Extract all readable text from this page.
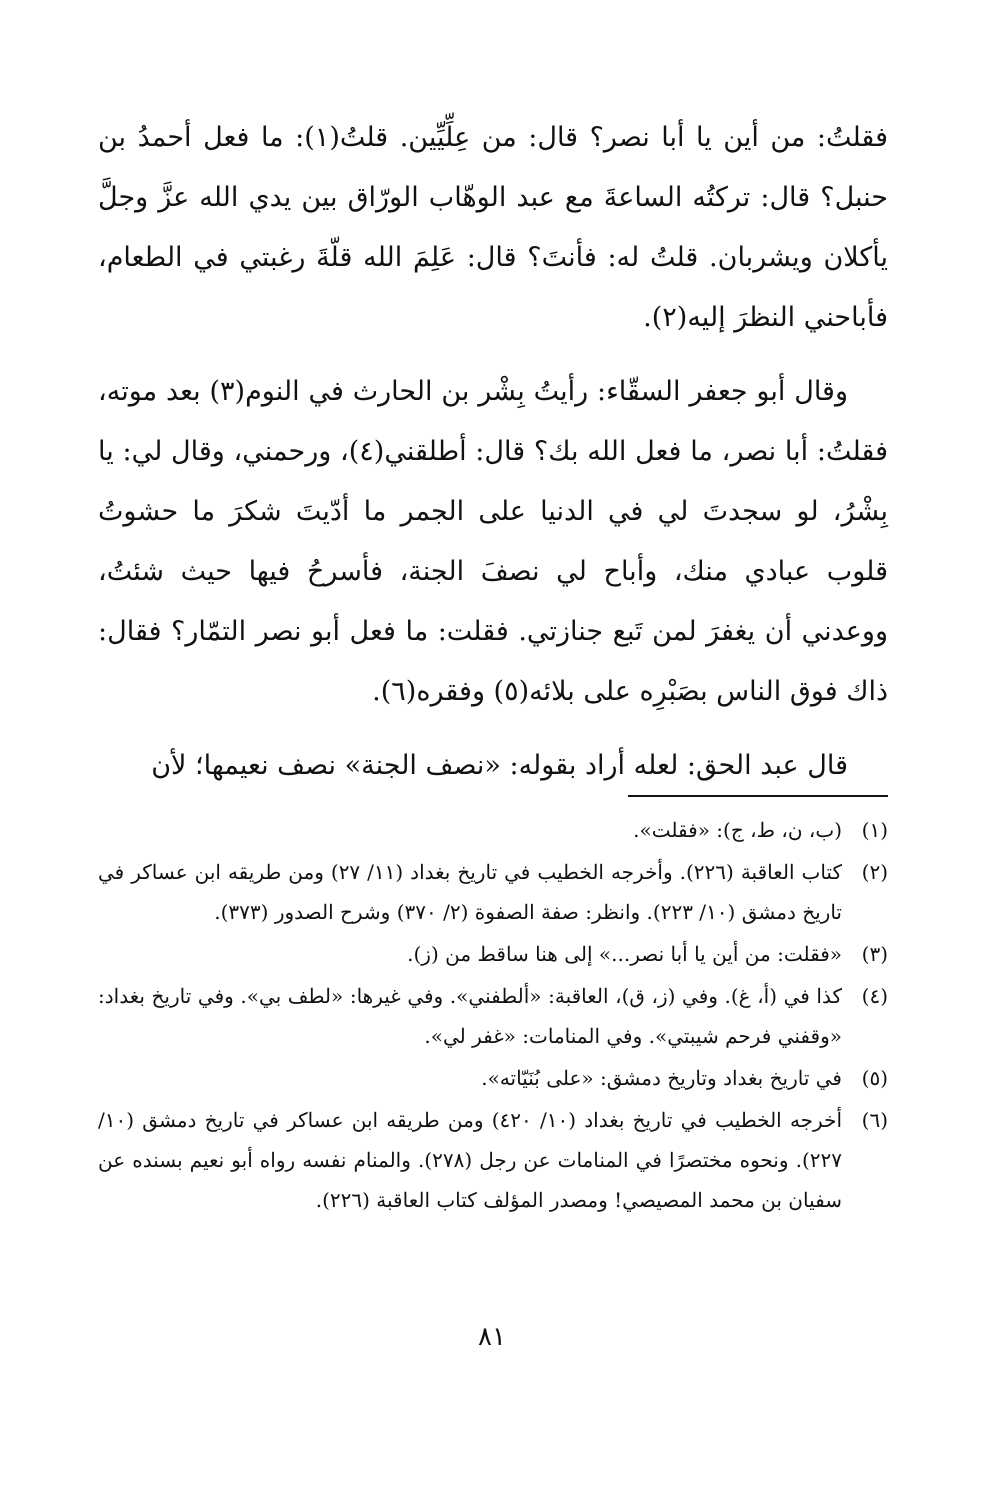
فقلتُ: من أين يا أبا نصر؟ قال: من عِلِّيِّين. قلتُ(١): ما فعل أحمدُ بن حنبل؟ قال: تركتُه الساعةَ مع عبد الوهّاب الورّاق بين يدي الله عزَّ وجلَّ يأكلان ويشربان. قلتُ له: فأنتَ؟ قال: عَلِمَ الله قلّةَ رغبتي في الطعام، فأباحني النظرَ إليه(٢).

وقال أبو جعفر السقّاء: رأيتُ بِشْر بن الحارث في النوم(٣) بعد موته، فقلتُ: أبا نصر، ما فعل الله بك؟ قال: أطلقني(٤)، ورحمني، وقال لي: يا بِشْرُ، لو سجدتَ لي في الدنيا على الجمر ما أدّيتَ شكرَ ما حشوتُ قلوب عبادي منك، وأباح لي نصفَ الجنة، فأسرحُ فيها حيث شئتُ، ووعدني أن يغفرَ لمن تَبع جنازتي. فقلت: ما فعل أبو نصر التمّار؟ فقال: ذاك فوق الناس بصَبْرِه على بلائه(٥) وفقره(٦).

قال عبد الحق: لعله أراد بقوله: «نصف الجنة» نصف نعيمها؛ لأن

(١)
(ب، ن، ط، ج): «فقلت».
(٢)
كتاب العاقبة (٢٢٦). وأخرجه الخطيب في تاريخ بغداد (١١/ ٢٧) ومن طريقه ابن عساكر في تاريخ دمشق (١٠/ ٢٢٣). وانظر: صفة الصفوة (٢/ ٣٧٠) وشرح الصدور (٣٧٣).
(٣)
«فقلت: من أين يا أبا نصر...» إلى هنا ساقط من (ز).
(٤)
كذا في (أ، غ). وفي (ز، ق)، العاقبة: «ألطفني». وفي غيرها: «لطف بي». وفي تاريخ بغداد: «وقفني فرحم شيبتي». وفي المنامات: «غفر لي».
(٥)
في تاريخ بغداد وتاريخ دمشق: «على بُنَيّاته».
(٦)
أخرجه الخطيب في تاريخ بغداد (١٠/ ٤٢٠) ومن طريقه ابن عساكر في تاريخ دمشق (١٠/ ٢٢٧). ونحوه مختصرًا في المنامات عن رجل (٢٧٨). والمنام نفسه رواه أبو نعيم بسنده عن سفيان بن محمد المصيصي! ومصدر المؤلف كتاب العاقبة (٢٢٦).
٨١
